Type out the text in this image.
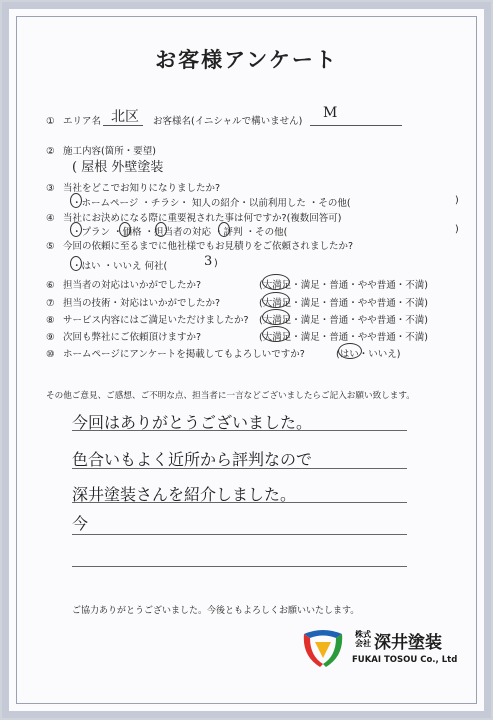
お客様アンケート
① エリア名 北区 お客様名(イニシャルで構いません)
M
② 施工内容(箇所・要望)
( 屋根 外壁塗装
③ 当社をどこでお知りになりましたか?
・ホームページ ・チラシ・ 知人の紹介・以前利用した ・その他(	)
④ 当社にお決めになる際に重要視された事は何ですか?(複数回答可)
・プラン ・価格 ・担当者の対応 ・評判 ・その他(	)
⑤ 今回の依頼に至るまでに他社様でもお見積りをご依頼されましたか?
・はい ・いいえ 何社(	3 )
⑥ 担当者の対応はいかがでしたか?	(大満足・満足・普通・やや普通・不満)
⑦ 担当の技術・対応はいかがでしたか?	(大満足・満足・普通・やや普通・不満)
⑧ サービス内容にはご満足いただけましたか? (大満足・満足・普通・やや普通・不満)
⑨ 次回も弊社にご依頼頂けますか?	(大満足・満足・普通・やや普通・不満)
⑩ ホームページにアンケートを掲載してもよろしいですか?	(はい・いいえ)
その他ご意見、ご感想、ご不明な点、担当者に一言などございましたらご記入お願い致します。
今回はありがとうございました。
色合いもよく近所から評判なので
深井塗装さんを紹介しました。
今
ご協力ありがとうございました。今後ともよろしくお願いいたします。
株式
会社 深井塗装
FUKAI TOSOU Co., Ltd
